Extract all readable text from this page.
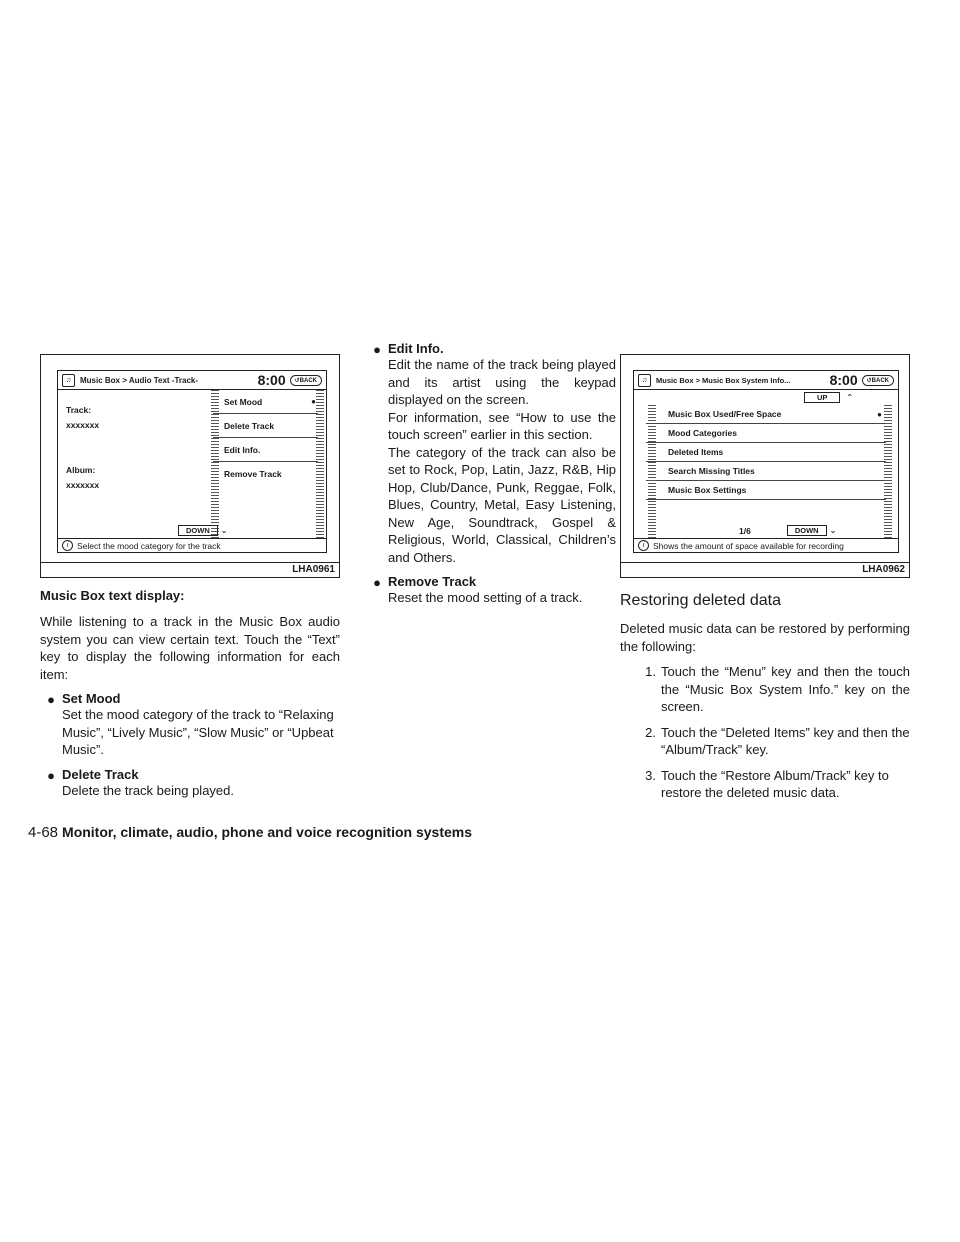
♫	Music Box > Audio Text -Track-	8:00	↺BACK
Track:
xxxxxxx
Album:
xxxxxxx
Set Mood	●
Delete Track
Edit Info.
Remove Track
DOWN	⌄
i	Select the mood category for the track
LHA0961
Music Box text display:

While listening to a track in the Music Box audio system you can view certain text. Touch the “Text” key to display the following information for each item:

● Set Mood
Set the mood category of the track to “Relaxing Music”, “Lively Music”, “Slow Music” or “Upbeat Music”.
● Delete Track
Delete the track being played.
● Edit Info.
Edit the name of the track being played and its artist using the keypad displayed on the screen.
For information, see “How to use the touch screen” earlier in this section.
The category of the track can also be set to Rock, Pop, Latin, Jazz, R&B, Hip Hop, Club/Dance, Punk, Reggae, Folk, Blues, Country, Metal, Easy Listening, New Age, Soundtrack, Gospel & Religious, World, Classical, Children’s and Others.
● Remove Track
Reset the mood setting of a track.
♫	Music Box > Music Box System Info...	8:00	↺BACK
UP	⌃
Music Box Used/Free Space	●
Mood Categories
Deleted Items
Search Missing Titles
Music Box Settings
1/6	DOWN	⌄
i	Shows the amount of space available for recording
LHA0962
Restoring deleted data

Deleted music data can be restored by performing the following:

1. Touch the “Menu” key and then the touch the “Music Box System Info.” key on the screen.
2. Touch the “Deleted Items” key and then the “Album/Track” key.
3. Touch the “Restore Album/Track” key to restore the deleted music data.
4-68 Monitor, climate, audio, phone and voice recognition systems
